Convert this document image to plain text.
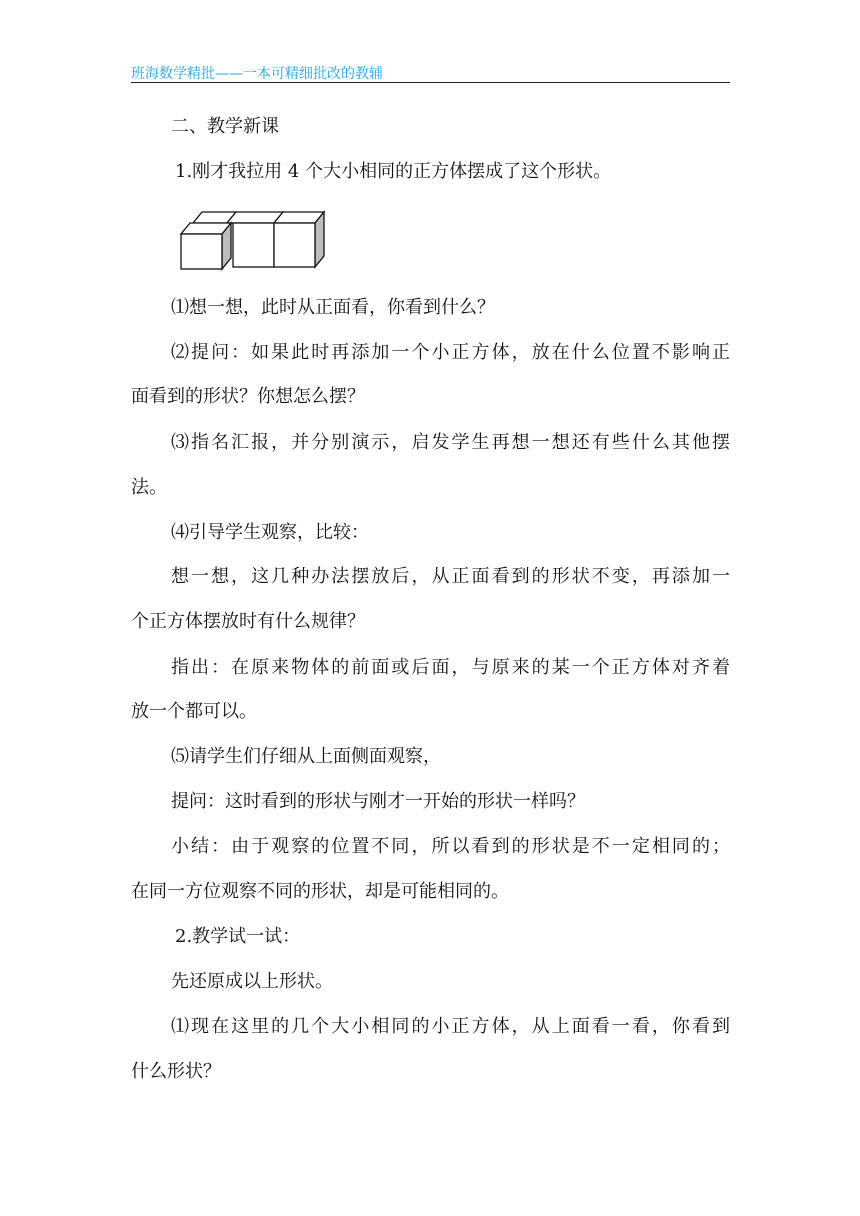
班海数学精批——一本可精细批改的教辅
二、教学新课
1.刚才我拉用 4 个大小相同的正方体摆成了这个形状。
⑴想一想，此时从正面看，你看到什么？
⑵提问：如果此时再添加一个小正方体，放在什么位置不影响正
面看到的形状？你想怎么摆？
⑶指名汇报，并分别演示，启发学生再想一想还有些什么其他摆
法。
⑷引导学生观察，比较：
想一想，这几种办法摆放后，从正面看到的形状不变，再添加一
个正方体摆放时有什么规律？
指出：在原来物体的前面或后面，与原来的某一个正方体对齐着
放一个都可以。
⑸请学生们仔细从上面侧面观察，
提问：这时看到的形状与刚才一开始的形状一样吗？
小结：由于观察的位置不同，所以看到的形状是不一定相同的；
在同一方位观察不同的形状，却是可能相同的。
2.教学试一试：
先还原成以上形状。
⑴现在这里的几个大小相同的小正方体，从上面看一看，你看到
什么形状？
